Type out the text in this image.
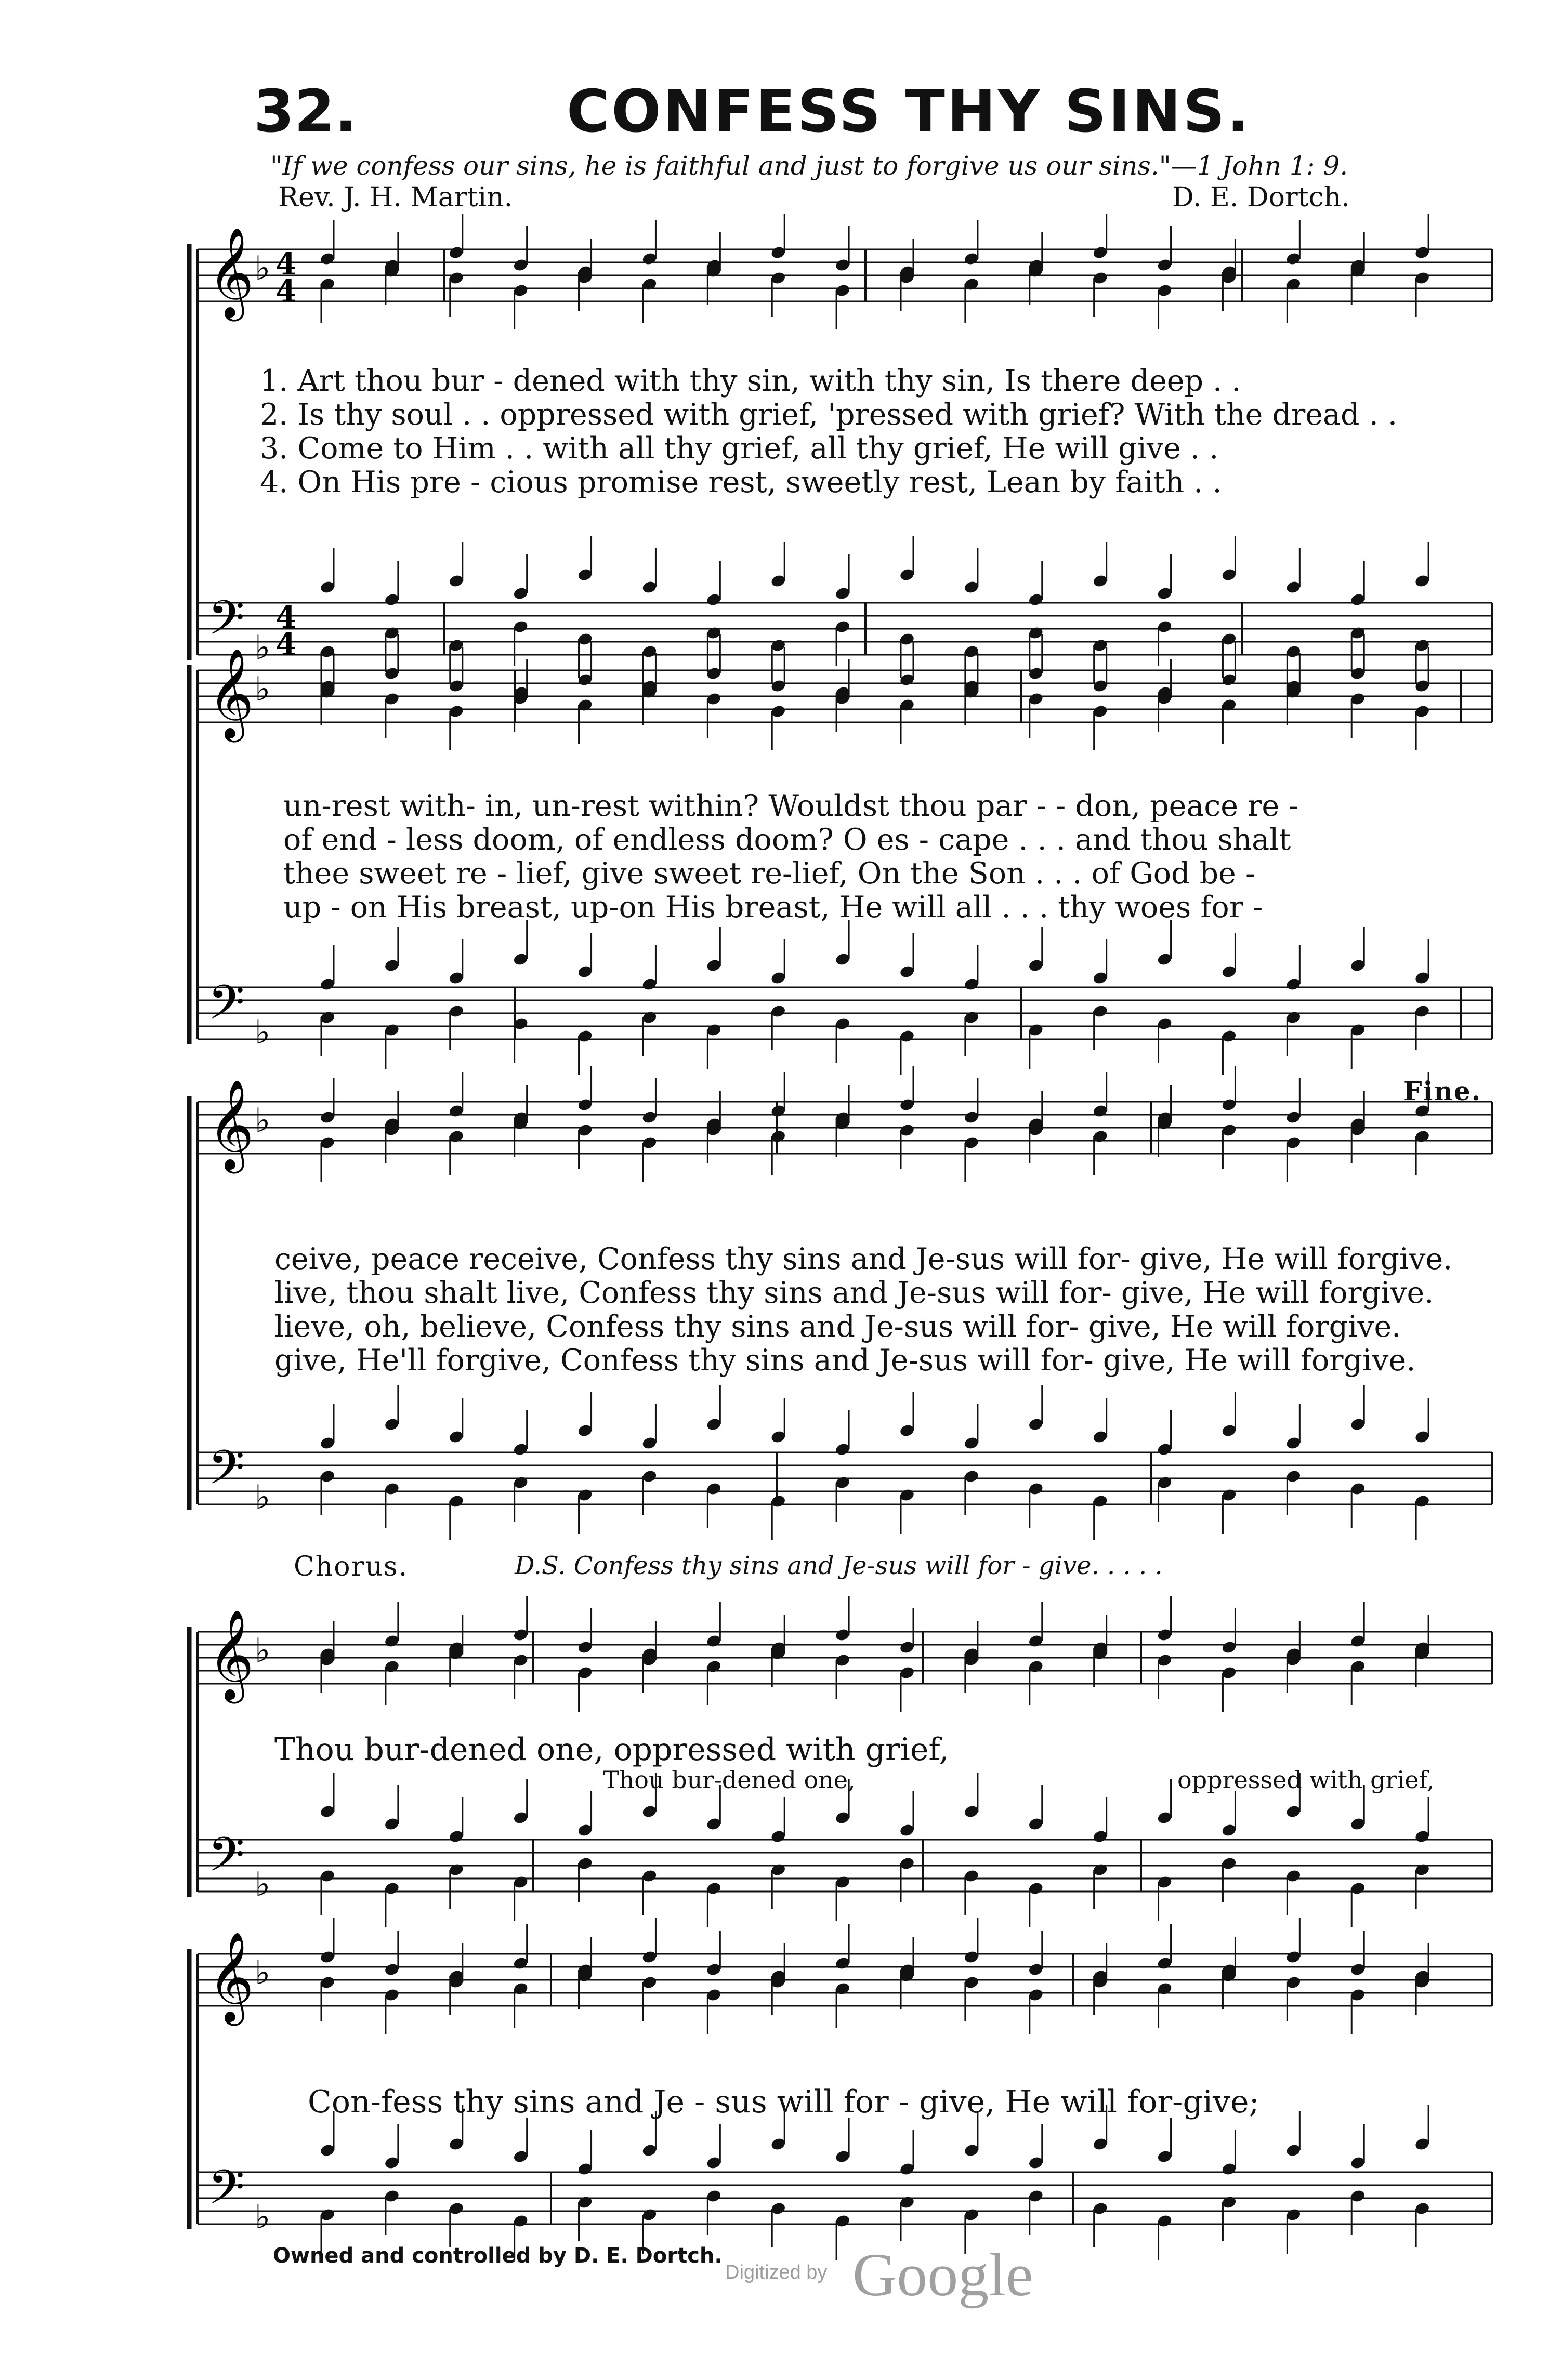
𝄞
𝄢
♭
♭
4
4
4
4
𝄞
𝄢
♭
♭
𝄞
𝄢
♭
♭
𝄞
𝄢
♭
♭
𝄞
𝄢
♭
♭
32.	CONFESS THY SINS.
"If we confess our sins, he is faithful and just to forgive us our sins."—1 John 1: 9.
Rev. J. H. Martin.	D. E. Dortch.
1. Art thou bur - dened with thy sin, with thy sin, Is there deep . .
2. Is thy soul . . oppressed with grief, 'pressed with grief? With the dread . .
3. Come to Him . . with all thy grief, all thy grief, He will give . .
4. On His pre - cious promise rest, sweetly rest, Lean by faith . .
un-rest with- in, un-rest within? Wouldst thou par - - don, peace re -
of end - less doom, of endless doom? O es - cape . . . and thou shalt
thee sweet re - lief, give sweet re-lief, On the Son . . . of God be -
up - on His breast, up-on His breast, He will all . . . thy woes for -
ceive, peace receive, Confess thy sins and Je-sus will for- give, He will forgive.
live, thou shalt live, Confess thy sins and Je-sus will for- give, He will forgive.
lieve, oh, believe, Confess thy sins and Je-sus will for- give, He will forgive.
give, He'll forgive, Confess thy sins and Je-sus will for- give, He will forgive.
Fine.
Chorus.	D.S. Confess thy sins and Je-sus will for - give. . . . .
Thou bur-dened one, oppressed with grief,
Thou bur-dened one,	oppressed with grief,
Con-fess thy sins and Je - sus will for - give, He will for-give;
Owned and controlled by D. E. Dortch.
Digitized by Google
